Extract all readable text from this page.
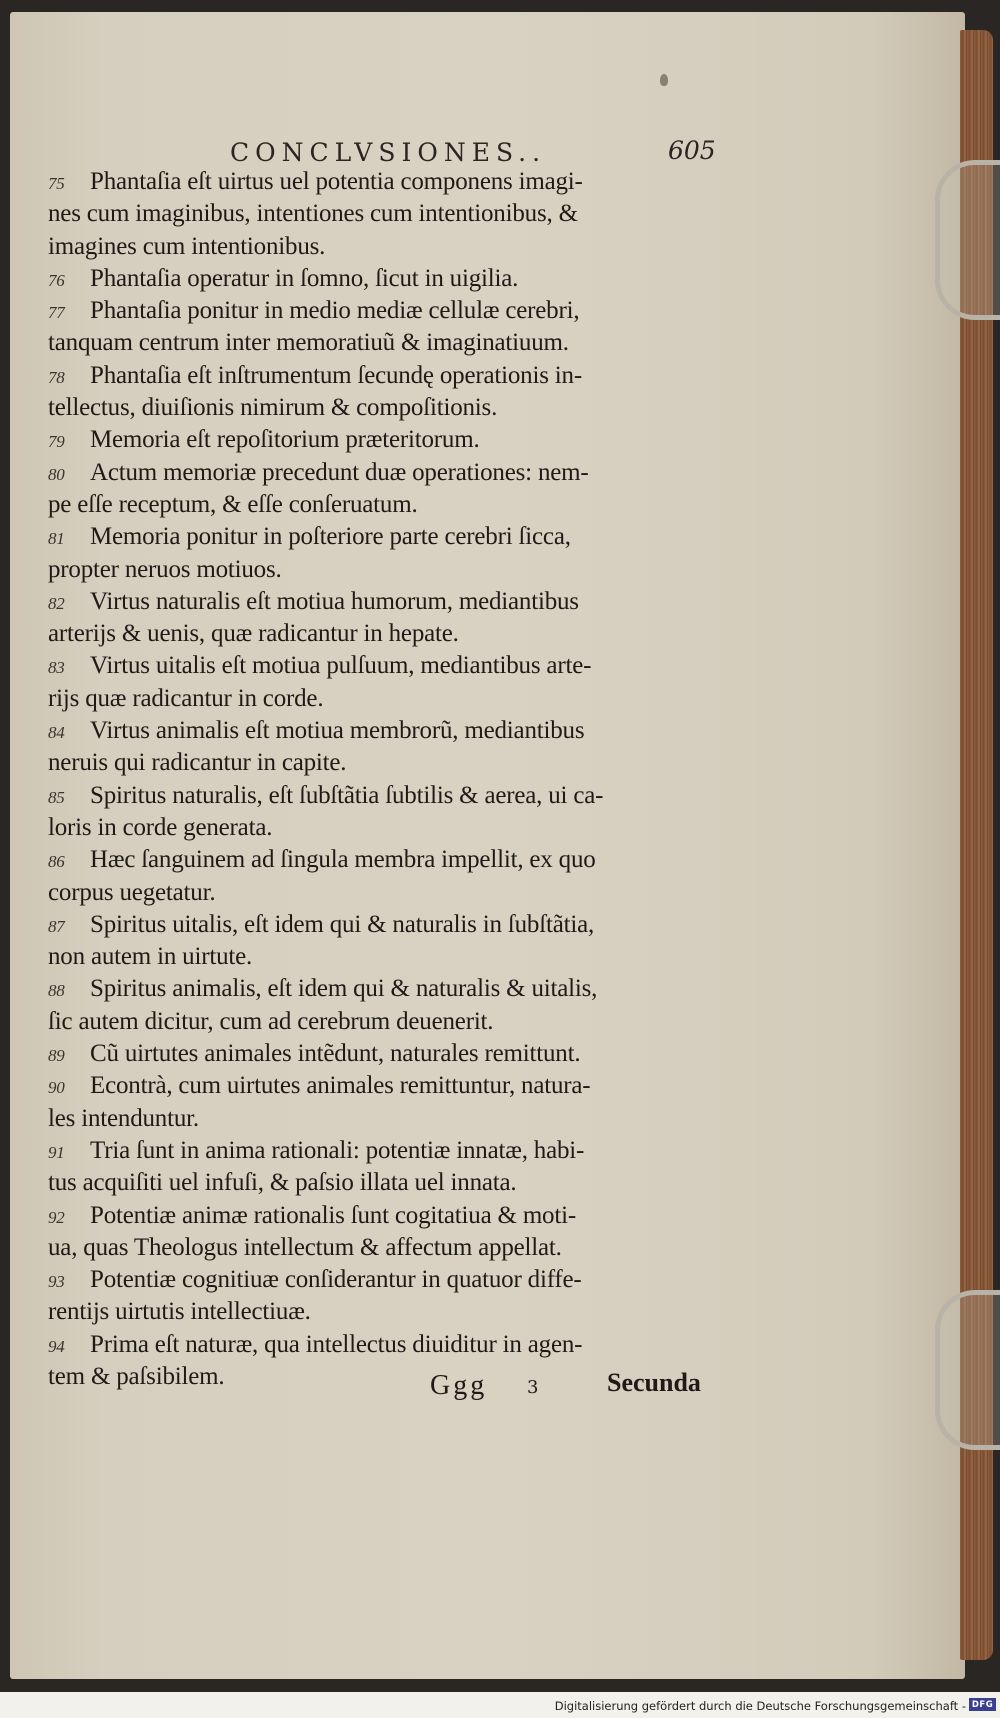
CONCLVSIONES..	605
75 Phantaſia eſt uirtus uel potentia componens imagi-
nes cum imaginibus, intentiones cum intentionibus, &
imagines cum intentionibus.
76 Phantaſia operatur in ſomno, ſicut in uigilia.
77 Phantaſia ponitur in medio mediæ cellulæ cerebri,
tanquam centrum inter memoratiuũ & imaginatiuum.
78 Phantaſia eſt inſtrumentum ſecundę operationis in-
tellectus, diuiſionis nimirum & compoſitionis.
79 Memoria eſt repoſitorium præteritorum.
80 Actum memoriæ precedunt duæ operationes: nem-
pe eſſe receptum, & eſſe conſeruatum.
81 Memoria ponitur in poſteriore parte cerebri ſicca,
propter neruos motiuos.
82 Virtus naturalis eſt motiua humorum, mediantibus
arterijs & uenis, quæ radicantur in hepate.
83 Virtus uitalis eſt motiua pulſuum, mediantibus arte-
rijs quæ radicantur in corde.
84 Virtus animalis eſt motiua membrorũ, mediantibus
neruis qui radicantur in capite.
85 Spiritus naturalis, eſt ſubſtãtia ſubtilis & aerea, ui ca-
loris in corde generata.
86 Hæc ſanguinem ad ſingula membra impellit, ex quo
corpus uegetatur.
87 Spiritus uitalis, eſt idem qui & naturalis in ſubſtãtia,
non autem in uirtute.
88 Spiritus animalis, eſt idem qui & naturalis & uitalis,
ſic autem dicitur, cum ad cerebrum deuenerit.
89 Cũ uirtutes animales intẽdunt, naturales remittunt.
90 Econtrà, cum uirtutes animales remittuntur, natura-
les intenduntur.
91 Tria ſunt in anima rationali: potentiæ innatæ, habi-
tus acquiſiti uel infuſi, & paſsio illata uel innata.
92 Potentiæ animæ rationalis ſunt cogitatiua & moti-
ua, quas Theologus intellectum & affectum appellat.
93 Potentiæ cognitiuæ conſiderantur in quatuor diffe-
rentijs uirtutis intellectiuæ.
94 Prima eſt naturæ, qua intellectus diuiditur in agen-
tem & paſsibilem.	Ggg 3	Secunda
Digitalisierung gefördert durch die Deutsche Forschungsgemeinschaft - DFG
